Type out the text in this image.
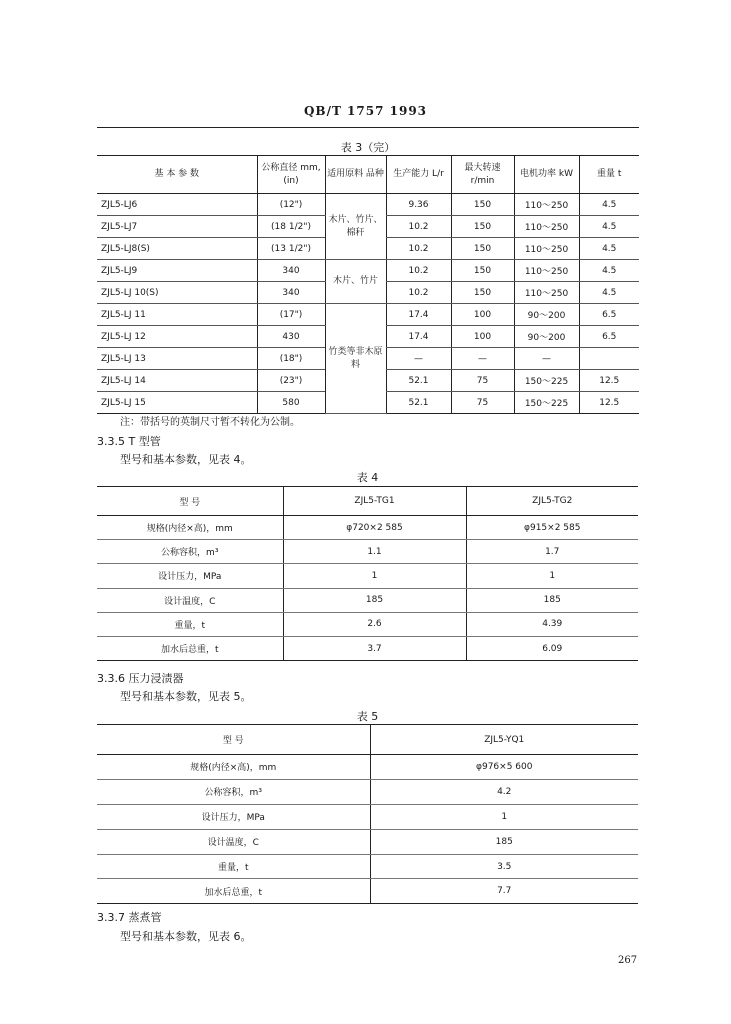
QB/T 1757 1993
表 3（完）
基 本 参 数	公称直径 mm,(in)	适用原料 品种	生产能力 L/r	最大转速 r/min	电机功率 kW	重量 t
ZJL5-LJ6	(12")	木片、竹片、棉秆	9.36	150	110～250	4.5
ZJL5-LJ7	(18 1/2")		10.2	150	110～250	4.5
ZJL5-LJ8(S)	(13 1/2")		10.2	150	110～250	4.5
ZJL5-LJ9	340	木片、竹片	10.2	150	110～250	4.5
ZJL5-LJ 10(S)	340		10.2	150	110～250	4.5
ZJL5-LJ 11	(17")	竹类等非木原料	17.4	100	90～200	6.5
ZJL5-LJ 12	430		17.4	100	90～200	6.5
ZJL5-LJ 13	(18")		—	—	—	
ZJL5-LJ 14	(23")		52.1	75	150～225	12.5
ZJL5-LJ 15	580		52.1	75	150～225	12.5
注：带括号的英制尺寸暂不转化为公制。
3.3.5 T 型管
型号和基本参数，见表 4。
表 4
型 号	ZJL5-TG1	ZJL5-TG2
规格(内径×高)，mm	φ720×2 585	φ915×2 585
公称容积，m³	1.1	1.7
设计压力，MPa	1	1
设计温度，C	185	185
重量，t	2.6	4.39
加水后总重，t	3.7	6.09
3.3.6 压力浸渍器
型号和基本参数，见表 5。
表 5
型 号	ZJL5-YQ1
规格(内径×高)，mm	φ976×5 600
公称容积，m³	4.2
设计压力，MPa	1
设计温度，C	185
重量，t	3.5
加水后总重，t	7.7
3.3.7 蒸煮管
型号和基本参数，见表 6。
267
